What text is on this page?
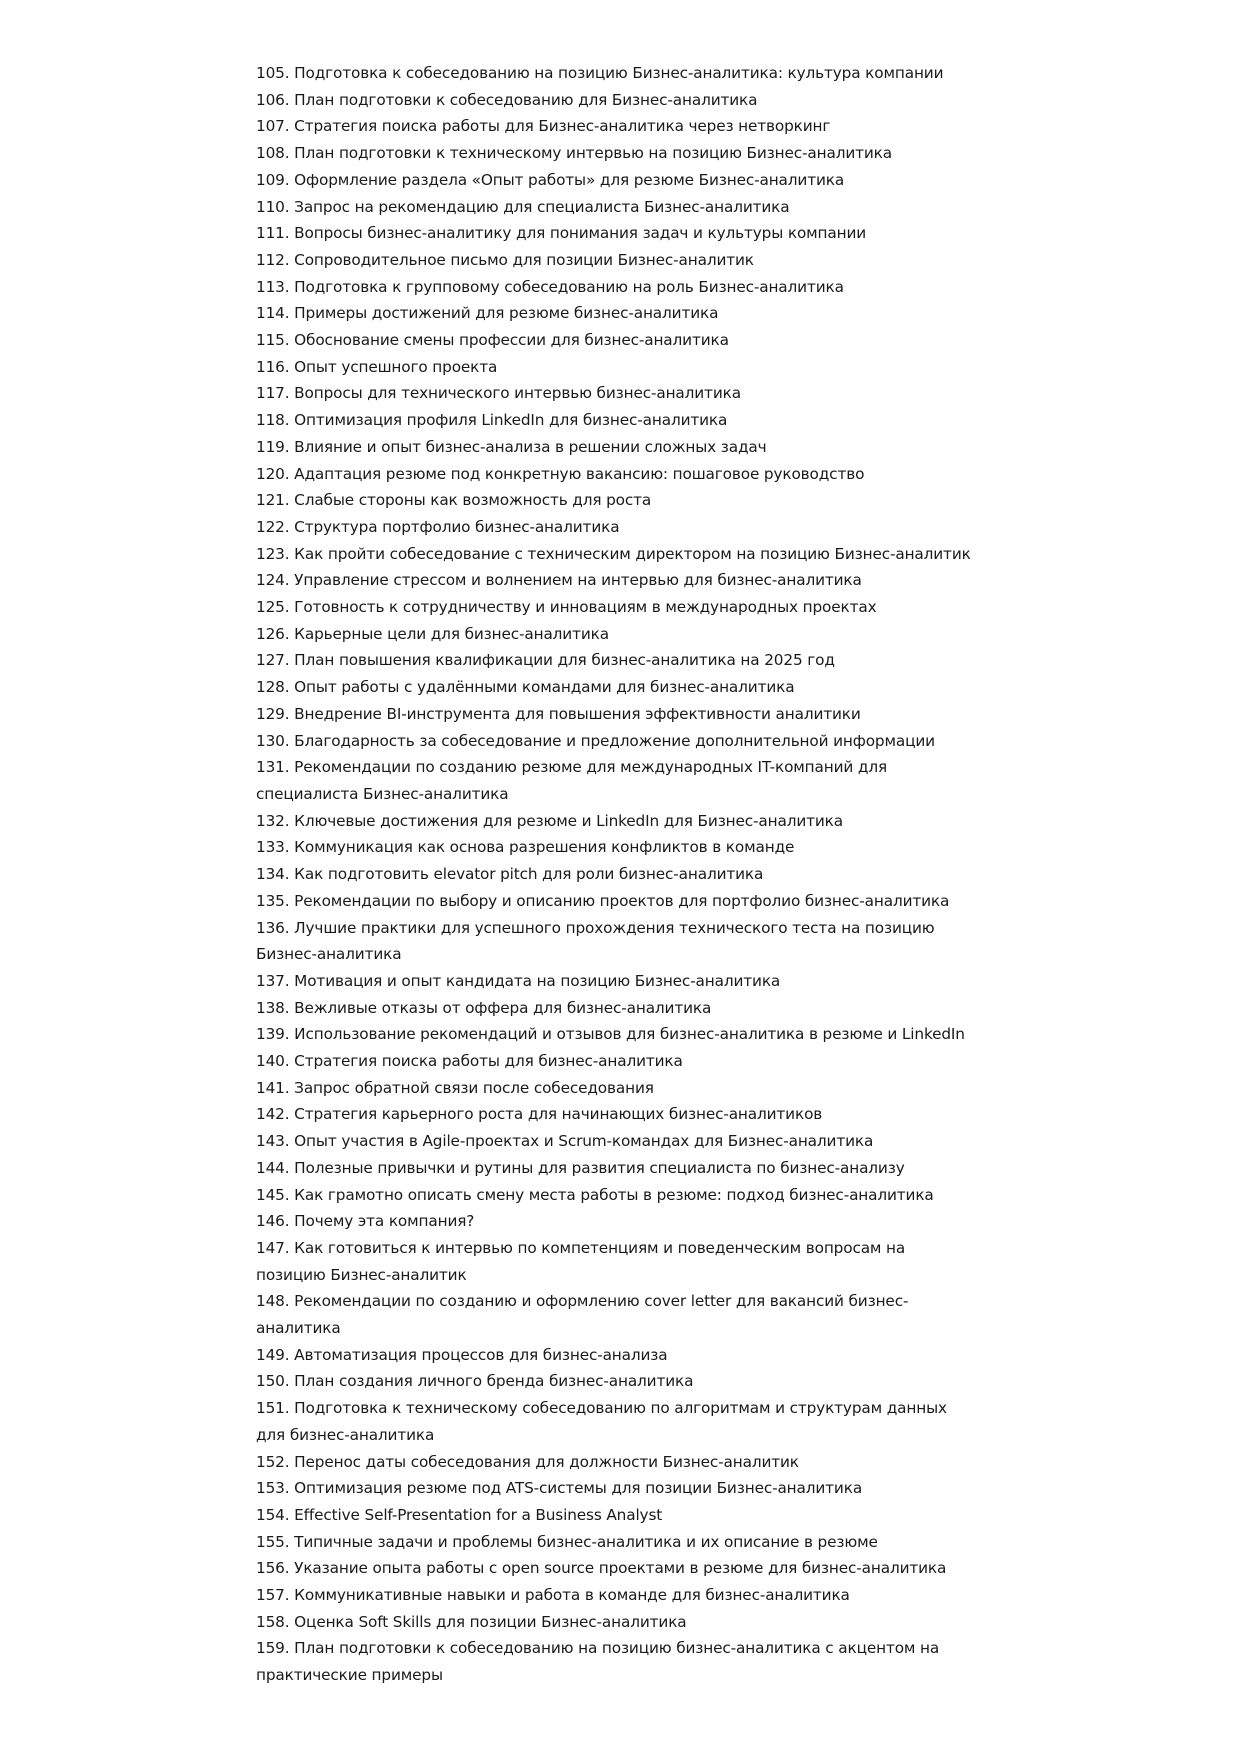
105. Подготовка к собеседованию на позицию Бизнес-аналитика: культура компании

106. План подготовки к собеседованию для Бизнес-аналитика

107. Стратегия поиска работы для Бизнес-аналитика через нетворкинг

108. План подготовки к техническому интервью на позицию Бизнес-аналитика

109. Оформление раздела «Опыт работы» для резюме Бизнес-аналитика

110. Запрос на рекомендацию для специалиста Бизнес-аналитика

111. Вопросы бизнес-аналитику для понимания задач и культуры компании

112. Сопроводительное письмо для позиции Бизнес-аналитик

113. Подготовка к групповому собеседованию на роль Бизнес-аналитика

114. Примеры достижений для резюме бизнес-аналитика

115. Обоснование смены профессии для бизнес-аналитика

116. Опыт успешного проекта

117. Вопросы для технического интервью бизнес-аналитика

118. Оптимизация профиля LinkedIn для бизнес-аналитика

119. Влияние и опыт бизнес-анализа в решении сложных задач

120. Адаптация резюме под конкретную вакансию: пошаговое руководство

121. Слабые стороны как возможность для роста

122. Структура портфолио бизнес-аналитика

123. Как пройти собеседование с техническим директором на позицию Бизнес-аналитик

124. Управление стрессом и волнением на интервью для бизнес-аналитика

125. Готовность к сотрудничеству и инновациям в международных проектах

126. Карьерные цели для бизнес-аналитика

127. План повышения квалификации для бизнес-аналитика на 2025 год

128. Опыт работы с удалёнными командами для бизнес-аналитика

129. Внедрение BI-инструмента для повышения эффективности аналитики

130. Благодарность за собеседование и предложение дополнительной информации

131. Рекомендации по созданию резюме для международных IT-компаний для специалиста Бизнес-аналитика

132. Ключевые достижения для резюме и LinkedIn для Бизнес-аналитика

133. Коммуникация как основа разрешения конфликтов в команде

134. Как подготовить elevator pitch для роли бизнес-аналитика

135. Рекомендации по выбору и описанию проектов для портфолио бизнес-аналитика

136. Лучшие практики для успешного прохождения технического теста на позицию Бизнес-аналитика

137. Мотивация и опыт кандидата на позицию Бизнес-аналитика

138. Вежливые отказы от оффера для бизнес-аналитика

139. Использование рекомендаций и отзывов для бизнес-аналитика в резюме и LinkedIn

140. Стратегия поиска работы для бизнес-аналитика

141. Запрос обратной связи после собеседования

142. Стратегия карьерного роста для начинающих бизнес-аналитиков

143. Опыт участия в Agile-проектах и Scrum-командах для Бизнес-аналитика

144. Полезные привычки и рутины для развития специалиста по бизнес-анализу

145. Как грамотно описать смену места работы в резюме: подход бизнес-аналитика

146. Почему эта компания?

147. Как готовиться к интервью по компетенциям и поведенческим вопросам на позицию Бизнес-аналитик

148. Рекомендации по созданию и оформлению cover letter для вакансий бизнес-аналитика

149. Автоматизация процессов для бизнес-анализа

150. План создания личного бренда бизнес-аналитика

151. Подготовка к техническому собеседованию по алгоритмам и структурам данных для бизнес-аналитика

152. Перенос даты собеседования для должности Бизнес-аналитик

153. Оптимизация резюме под ATS-системы для позиции Бизнес-аналитика

154. Effective Self-Presentation for a Business Analyst

155. Типичные задачи и проблемы бизнес-аналитика и их описание в резюме

156. Указание опыта работы с open source проектами в резюме для бизнес-аналитика

157. Коммуникативные навыки и работа в команде для бизнес-аналитика

158. Оценка Soft Skills для позиции Бизнес-аналитика

159. План подготовки к собеседованию на позицию бизнес-аналитика с акцентом на практические примеры
